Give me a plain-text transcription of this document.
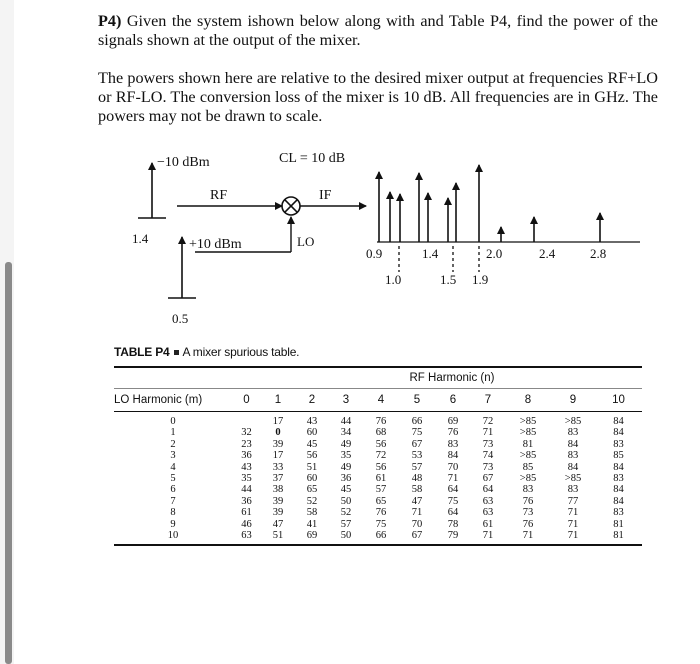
P4) Given the system ishown below along with and Table P4, find the power of the signals shown at the output of the mixer.

The powers shown here are relative to the desired mixer output at frequencies RF+LO or RF-LO. The conversion loss of the mixer is 10 dB. All frequencies are in GHz. The powers may not be drawn to scale.

−10 dBm
1.4
RF
CL = 10 dB
IF
LO
+10 dBm
0.5
0.9	1.4	2.0	2.4	2.8
1.0	1.5 1.9
TABLE P4 A mixer spurious table.
	RF Harmonic (n)										
LO Harmonic (m)	0	1	2	3	4	5	6	7	8	9	10
0		17	43	44	76	66	69	72	>85	>85	84
1	32	0	60	34	68	75	76	71	>85	83	84
2	23	39	45	49	56	67	83	73	81	84	83
3	36	17	56	35	72	53	84	74	>85	83	85
4	43	33	51	49	56	57	70	73	85	84	84
5	35	37	60	36	61	48	71	67	>85	>85	83
6	44	38	65	45	57	58	64	64	83	83	84
7	36	39	52	50	65	47	75	63	76	77	84
8	61	39	58	52	76	71	64	63	73	71	83
9	46	47	41	57	75	70	78	61	76	71	81
10	63	51	69	50	66	67	79	71	71	71	81
